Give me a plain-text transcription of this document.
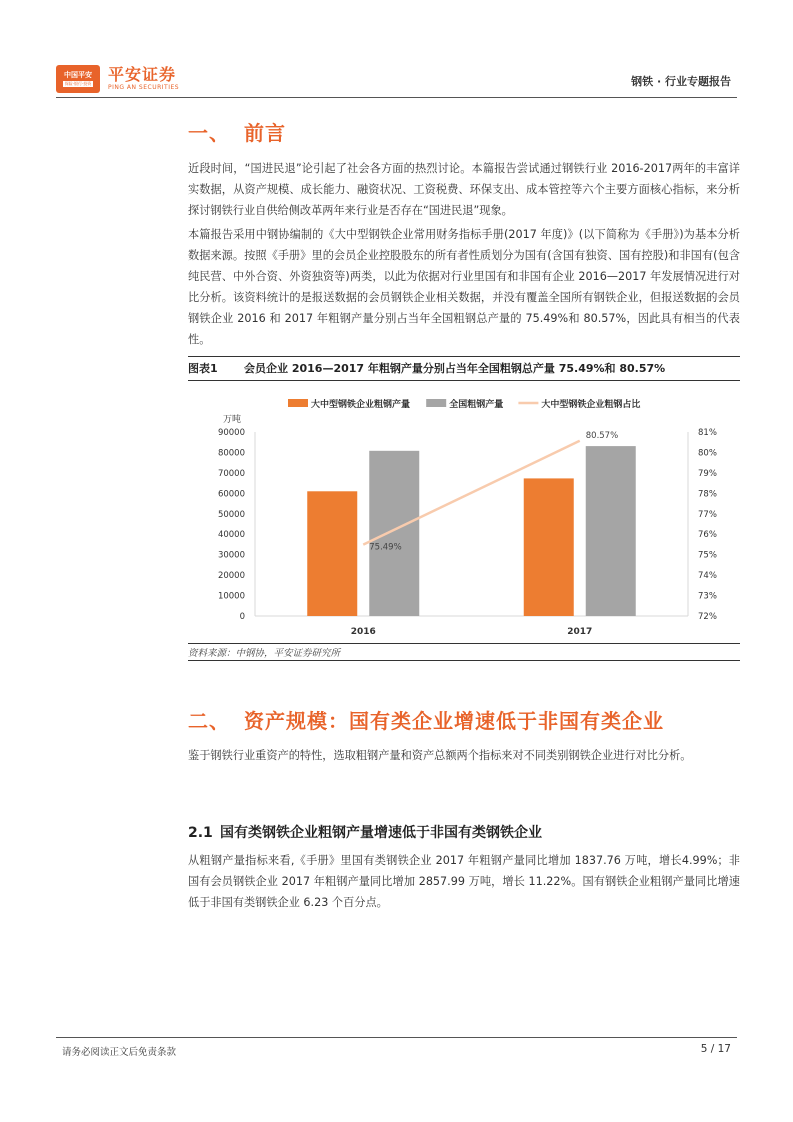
中国平安
保险·银行·投资 平安证券
PING AN SECURITIES	钢铁 · 行业专题报告
一、 前言
近段时间，“国进民退”论引起了社会各方面的热烈讨论。本篇报告尝试通过钢铁行业 2016-2017两年的丰富详实数据，从资产规模、成长能力、融资状况、工资税费、环保支出、成本管控等六个主要方面核心指标，来分析探讨钢铁行业自供给侧改革两年来行业是否存在“国进民退”现象。
本篇报告采用中钢协编制的《大中型钢铁企业常用财务指标手册(2017 年度)》(以下简称为《手册》)为基本分析数据来源。按照《手册》里的会员企业控股股东的所有者性质划分为国有(含国有独资、国有控股)和非国有(包含纯民营、中外合资、外资独资等)两类，以此为依据对行业里国有和非国有企业 2016—2017 年发展情况进行对比分析。该资料统计的是报送数据的会员钢铁企业相关数据，并没有覆盖全国所有钢铁企业，但报送数据的会员钢铁企业 2016 和 2017 年粗钢产量分别占当年全国粗钢总产量的 75.49%和 80.57%，因此具有相当的代表性。
图表1 会员企业 2016—2017 年粗钢产量分别占当年全国粗钢总产量 75.49%和 80.57%
万吨
0
10000
20000
30000
40000
50000
60000
70000
80000
90000
72%
73%
74%
75%
76%
77%
78%
79%
80%
81%
2016	2017
75.49%
80.57%
大中型钢铁企业粗钢产量	全国粗钢产量	大中型钢铁企业粗钢占比
资料来源：中钢协，平安证券研究所
二、 资产规模：国有类企业增速低于非国有类企业
鉴于钢铁行业重资产的特性，选取粗钢产量和资产总额两个指标来对不同类别钢铁企业进行对比分析。
2.1 国有类钢铁企业粗钢产量增速低于非国有类钢铁企业
从粗钢产量指标来看,《手册》里国有类钢铁企业 2017 年粗钢产量同比增加 1837.76 万吨，增长4.99%；非国有会员钢铁企业 2017 年粗钢产量同比增加 2857.99 万吨，增长 11.22%。国有钢铁企业粗钢产量同比增速低于非国有类钢铁企业 6.23 个百分点。
请务必阅读正文后免责条款	5 / 17
